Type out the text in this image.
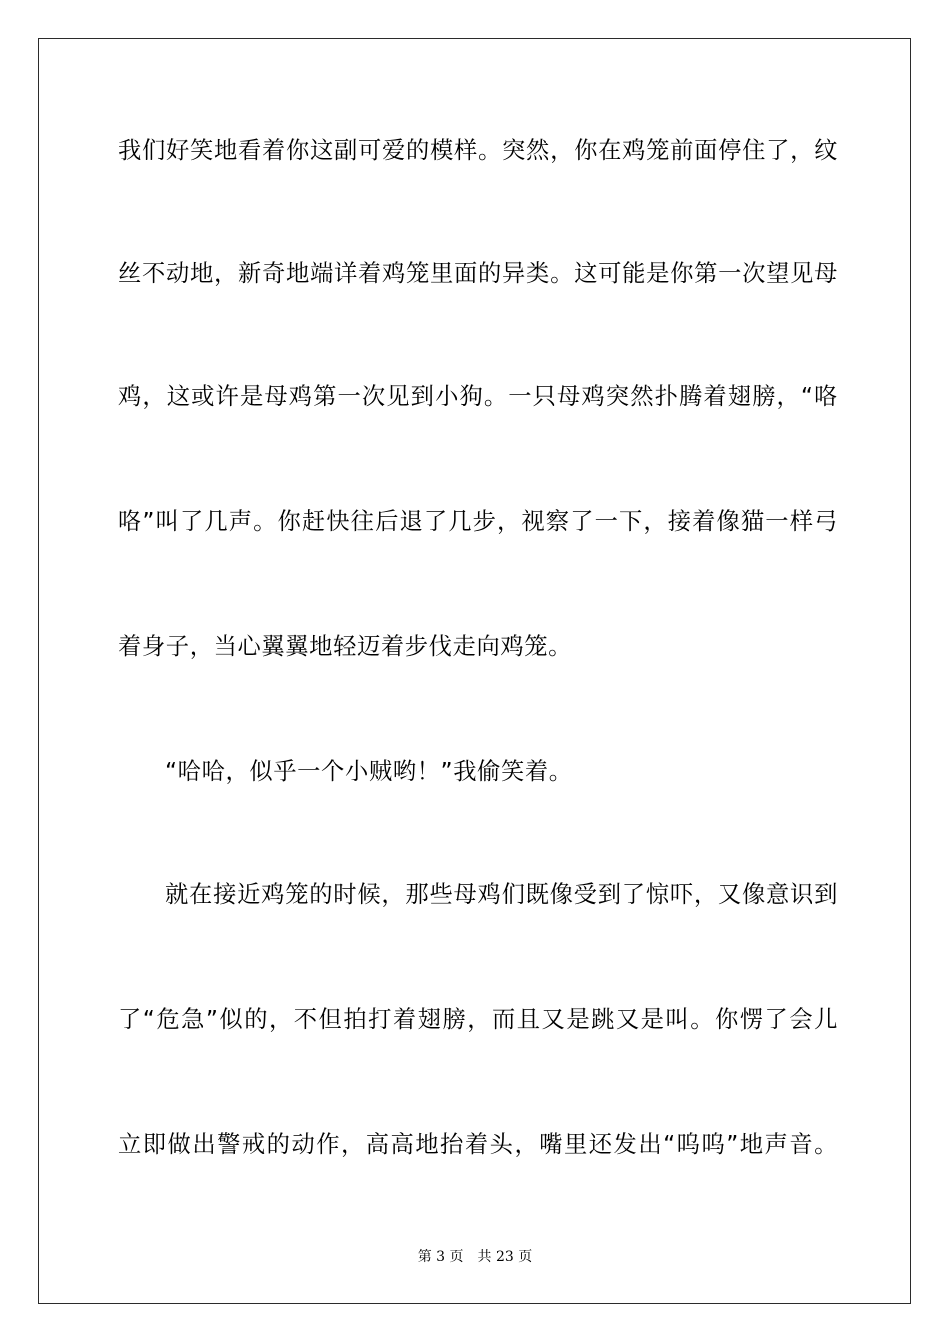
我们好笑地看着你这副可爱的模样。突然，你在鸡笼前面停住了，纹
丝不动地，新奇地端详着鸡笼里面的异类。这可能是你第一次望见母
鸡，这或许是母鸡第一次见到小狗。一只母鸡突然扑腾着翅膀，“咯
咯”叫了几声。你赶快往后退了几步，视察了一下，接着像猫一样弓
着身子，当心翼翼地轻迈着步伐走向鸡笼。
“哈哈，似乎一个小贼哟！”我偷笑着。
就在接近鸡笼的时候，那些母鸡们既像受到了惊吓，又像意识到
了“危急”似的，不但拍打着翅膀，而且又是跳又是叫。你愣了会儿
立即做出警戒的动作，高高地抬着头，嘴里还发出“呜呜”地声音。
第 3 页 共 23 页
